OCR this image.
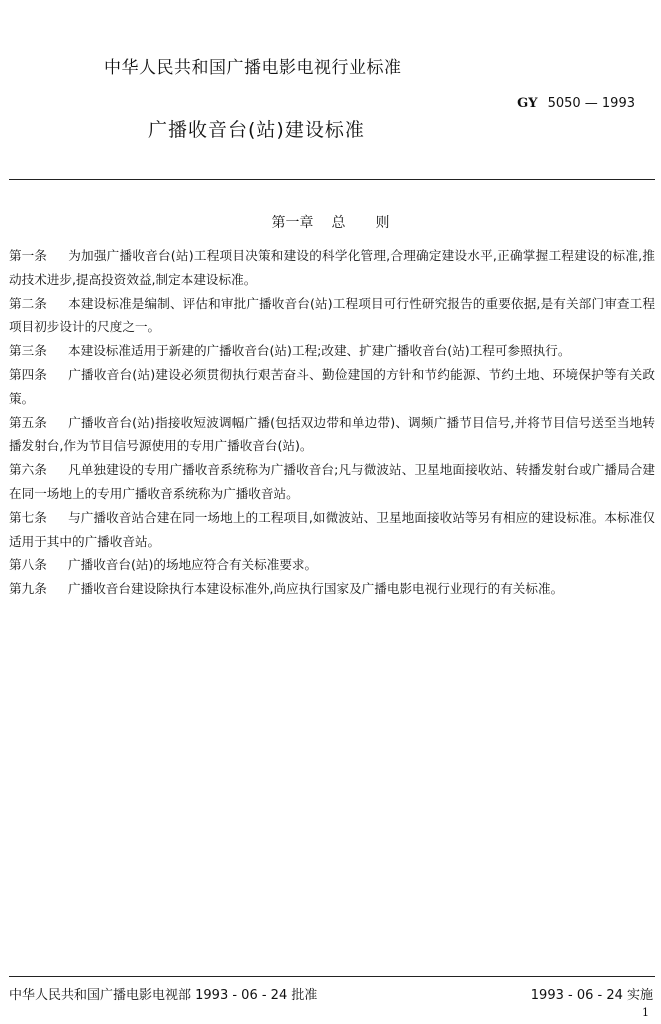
中华人民共和国广播电影电视行业标准
GY 5050 — 1993
广播收音台(站)建设标准
第一章 总 则

第一条 为加强广播收音台(站)工程项目决策和建设的科学化管理,合理确定建设水平,正确掌握工程建设的标准,推动技术进步,提高投资效益,制定本建设标准。

第二条 本建设标准是编制、评估和审批广播收音台(站)工程项目可行性研究报告的重要依据,是有关部门审查工程项目初步设计的尺度之一。

第三条 本建设标准适用于新建的广播收音台(站)工程;改建、扩建广播收音台(站)工程可参照执行。

第四条 广播收音台(站)建设必须贯彻执行艰苦奋斗、勤俭建国的方针和节约能源、节约土地、环境保护等有关政策。

第五条 广播收音台(站)指接收短波调幅广播(包括双边带和单边带)、调频广播节目信号,并将节目信号送至当地转播发射台,作为节目信号源使用的专用广播收音台(站)。

第六条 凡单独建设的专用广播收音系统称为广播收音台;凡与微波站、卫星地面接收站、转播发射台或广播局合建在同一场地上的专用广播收音系统称为广播收音站。

第七条 与广播收音站合建在同一场地上的工程项目,如微波站、卫星地面接收站等另有相应的建设标准。本标准仅适用于其中的广播收音站。

第八条 广播收音台(站)的场地应符合有关标准要求。

第九条 广播收音台建设除执行本建设标准外,尚应执行国家及广播电影电视行业现行的有关标准。

中华人民共和国广播电影电视部 1993 - 06 - 24 批准	1993 - 06 - 24 实施
1
